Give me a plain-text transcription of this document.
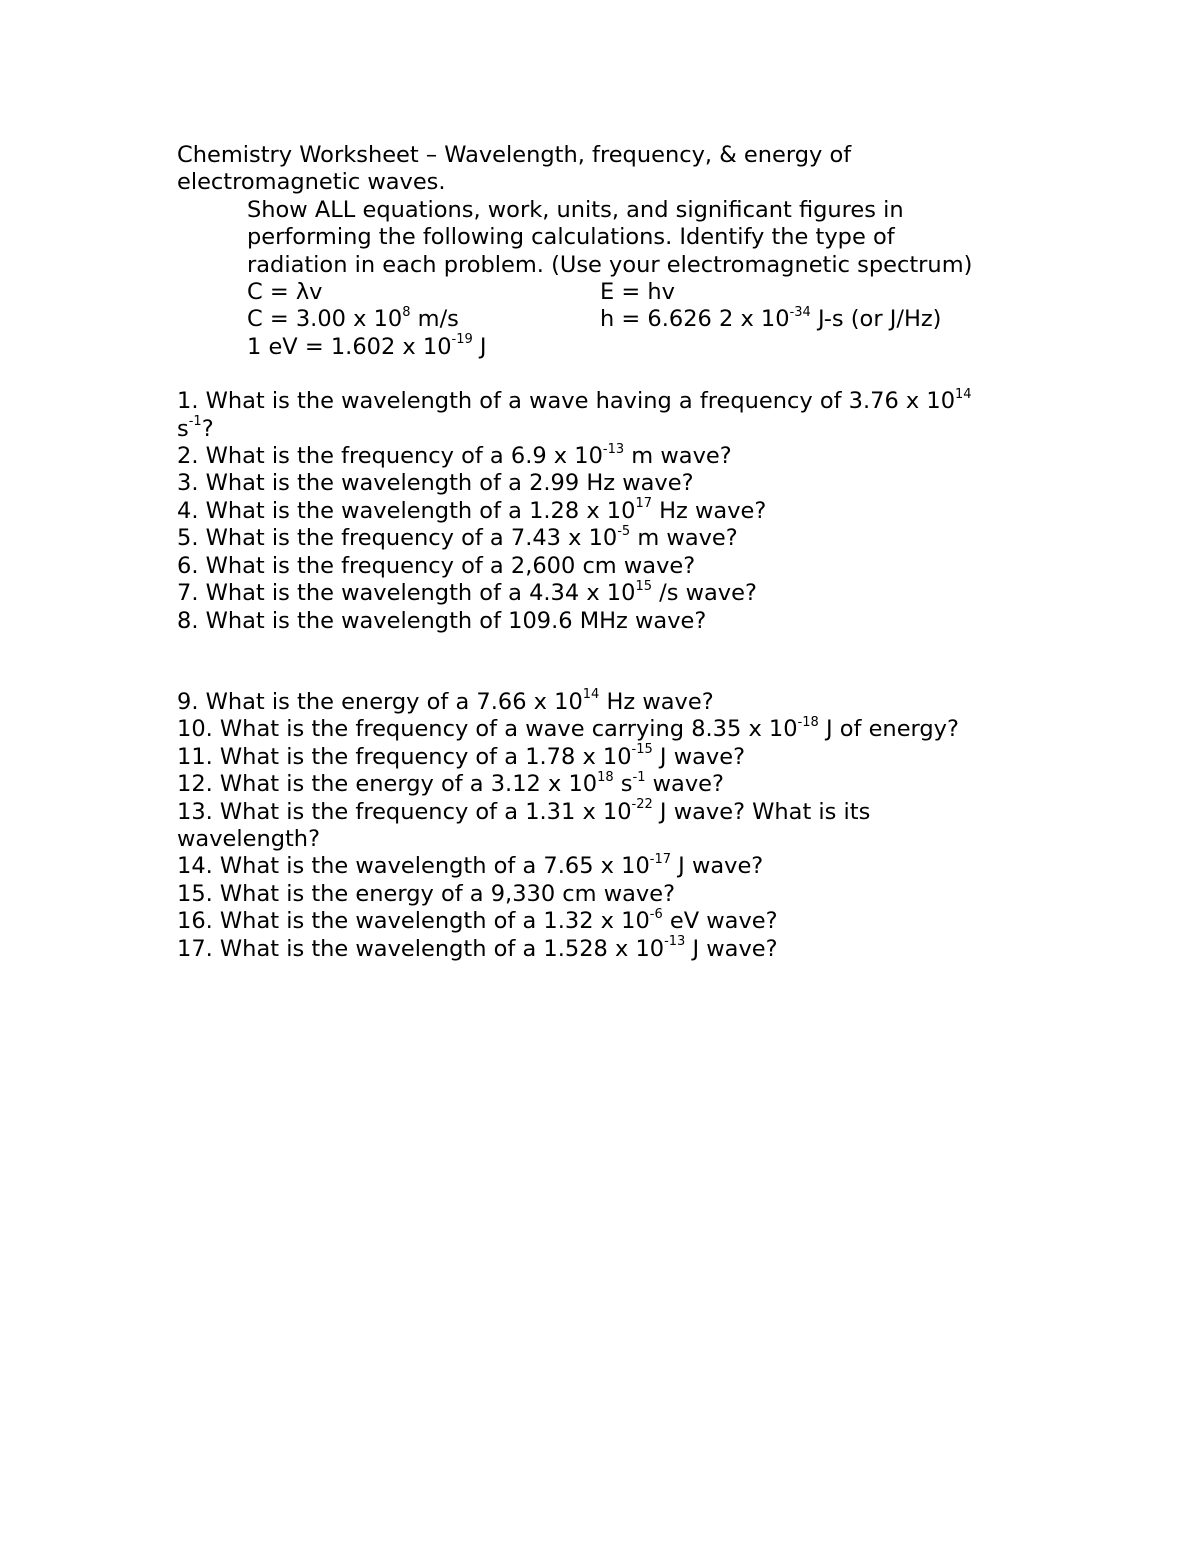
Chemistry Worksheet – Wavelength, frequency, & energy of
electromagnetic waves.
Show ALL equations, work, units, and significant figures in
performing the following calculations. Identify the type of
radiation in each problem. (Use your electromagnetic spectrum)
C = λv	E = hv
C = 3.00 x $10^8$ m/s	h = 6.626 2 x $10^{-34}$ J-s (or J/Hz)
1 eV = 1.602 x $10^{-19}$ J
1. What is the wavelength of a wave having a frequency of 3.76 x $10^{14}$
$s^{-1}$?
2. What is the frequency of a 6.9 x $10^{-13}$ m wave?
3. What is the wavelength of a 2.99 Hz wave?
4. What is the wavelength of a 1.28 x $10^{17}$ Hz wave?
5. What is the frequency of a 7.43 x $10^{-5}$ m wave?
6. What is the frequency of a 2,600 cm wave?
7. What is the wavelength of a 4.34 x $10^{15}$ /s wave?
8. What is the wavelength of 109.6 MHz wave?
9. What is the energy of a 7.66 x $10^{14}$ Hz wave?
10. What is the frequency of a wave carrying 8.35 x $10^{-18}$ J of energy?
11. What is the frequency of a 1.78 x $10^{-15}$ J wave?
12. What is the energy of a 3.12 x $10^{18}$ $s^{-1}$ wave?
13. What is the frequency of a 1.31 x $10^{-22}$ J wave? What is its
wavelength?
14. What is the wavelength of a 7.65 x $10^{-17}$ J wave?
15. What is the energy of a 9,330 cm wave?
16. What is the wavelength of a 1.32 x $10^{-6}$ eV wave?
17. What is the wavelength of a 1.528 x $10^{-13}$ J wave?
